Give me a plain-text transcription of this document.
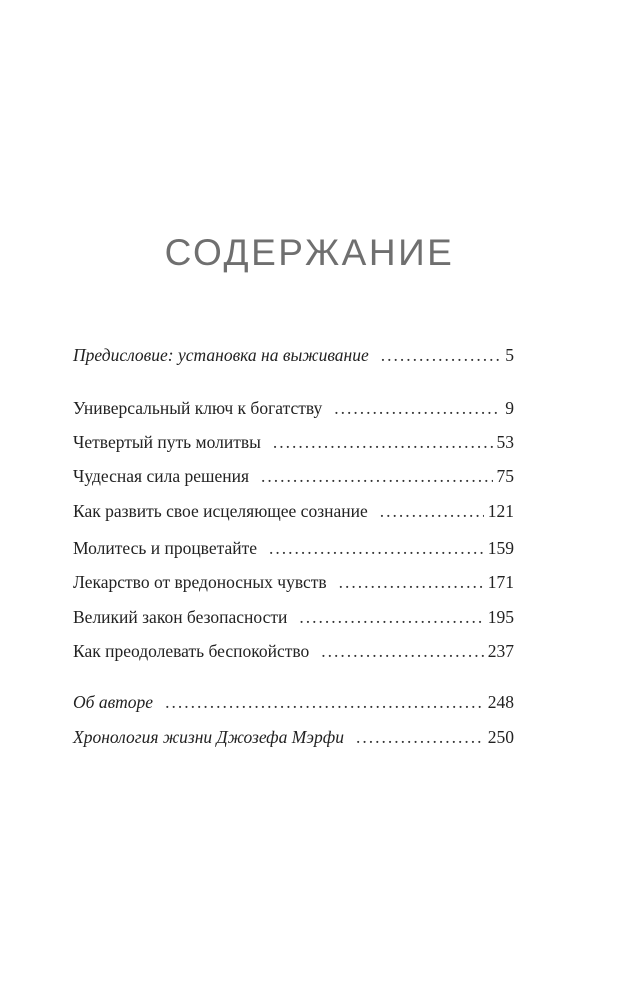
СОДЕРЖАНИЕ
Предисловие: установка на выживание .....	5
Универсальный ключ к богатству .....	9
Четвертый путь молитвы .....	53
Чудесная сила решения .....	75
Как развить свое исцеляющее сознание .....	121
Молитесь и процветайте .....	159
Лекарство от вредоносных чувств .....	171
Великий закон безопасности .....	195
Как преодолевать беспокойство .....	237
Об авторе .....	248
Хронология жизни Джозефа Мэрфи .....	250
